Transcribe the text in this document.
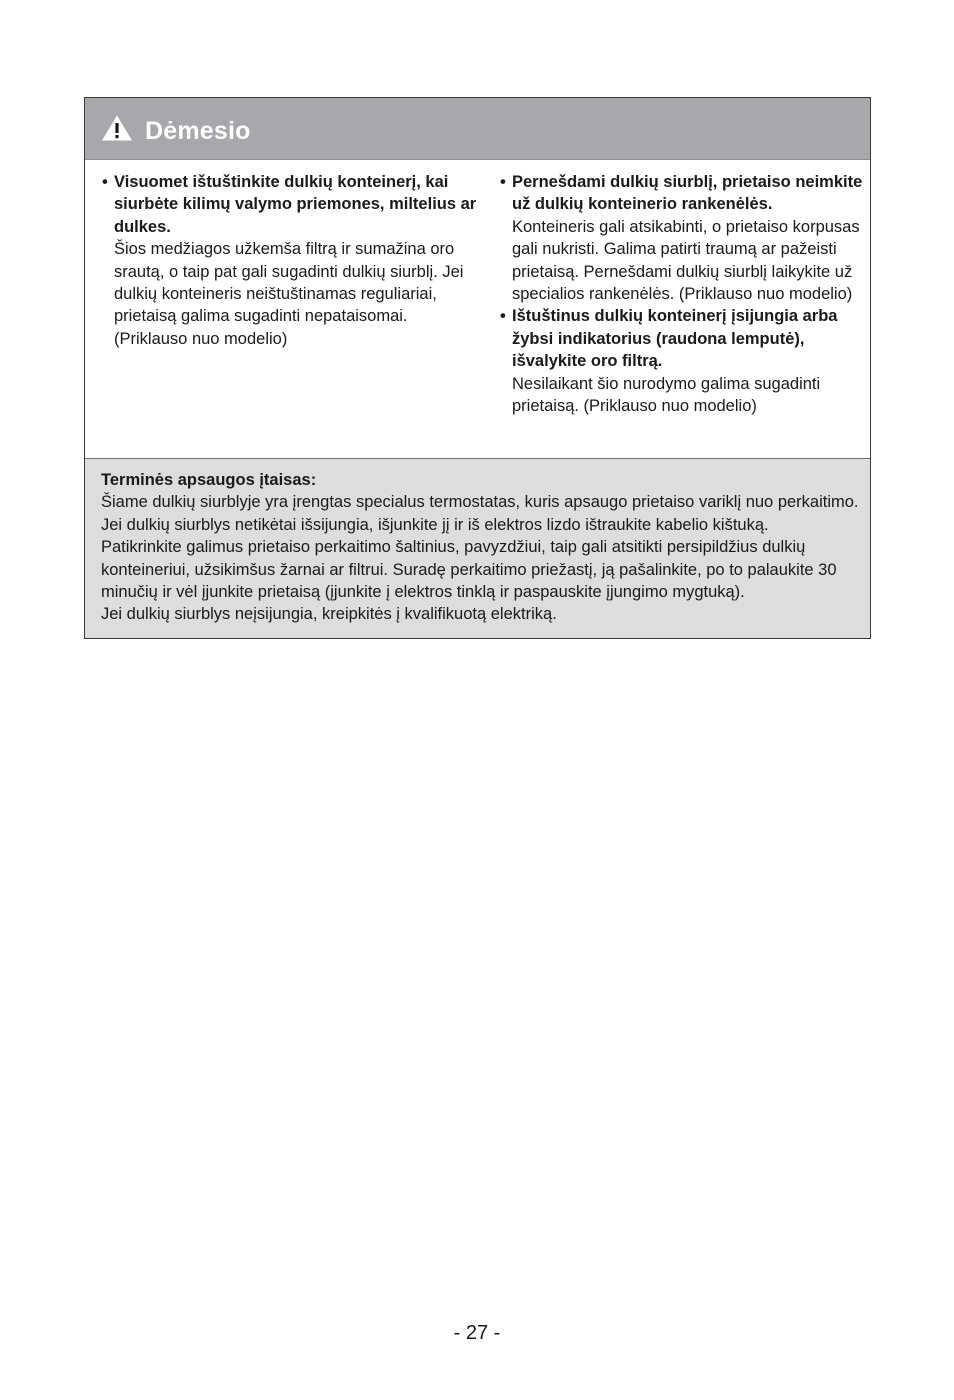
Dėmesio
• Visuomet ištuštinkite dulkių konteinerį, kai siurbėte kilimų valymo priemones, miltelius ar dulkes.
Šios medžiagos užkemša filtrą ir sumažina oro srautą, o taip pat gali sugadinti dulkių siurblį. Jei dulkių konteineris neištuštinamas reguliariai, prietaisą galima sugadinti nepataisomai. (Priklauso nuo modelio)
• Pernešdami dulkių siurblį, prietaiso neimkite už dulkių konteinerio rankenėlės.
Konteineris gali atsikabinti, o prietaiso korpusas gali nukristi. Galima patirti traumą ar pažeisti prietaisą. Pernešdami dulkių siurblį laikykite už specialios rankenėlės. (Priklauso nuo modelio)
• Ištuštinus dulkių konteinerį įsijungia arba žybsi indikatorius (raudona lemputė), išvalykite oro filtrą.
Nesilaikant šio nurodymo galima sugadinti prietaisą. (Priklauso nuo modelio)
Terminės apsaugos įtaisas:
Šiame dulkių siurblyje yra įrengtas specialus termostatas, kuris apsaugo prietaiso variklį nuo perkaitimo. Jei dulkių siurblys netikėtai išsijungia, išjunkite jį ir iš elektros lizdo ištraukite kabelio kištuką.
Patikrinkite galimus prietaiso perkaitimo šaltinius, pavyzdžiui, taip gali atsitikti persipildžius dulkių konteineriui, užsikimšus žarnai ar filtrui. Suradę perkaitimo priežastį, ją pašalinkite, po to palaukite 30 minučių ir vėl įjunkite prietaisą (įjunkite į elektros tinklą ir paspauskite įjungimo mygtuką).
Jei dulkių siurblys neįsijungia, kreipkitės į kvalifikuotą elektriką.
- 27 -
